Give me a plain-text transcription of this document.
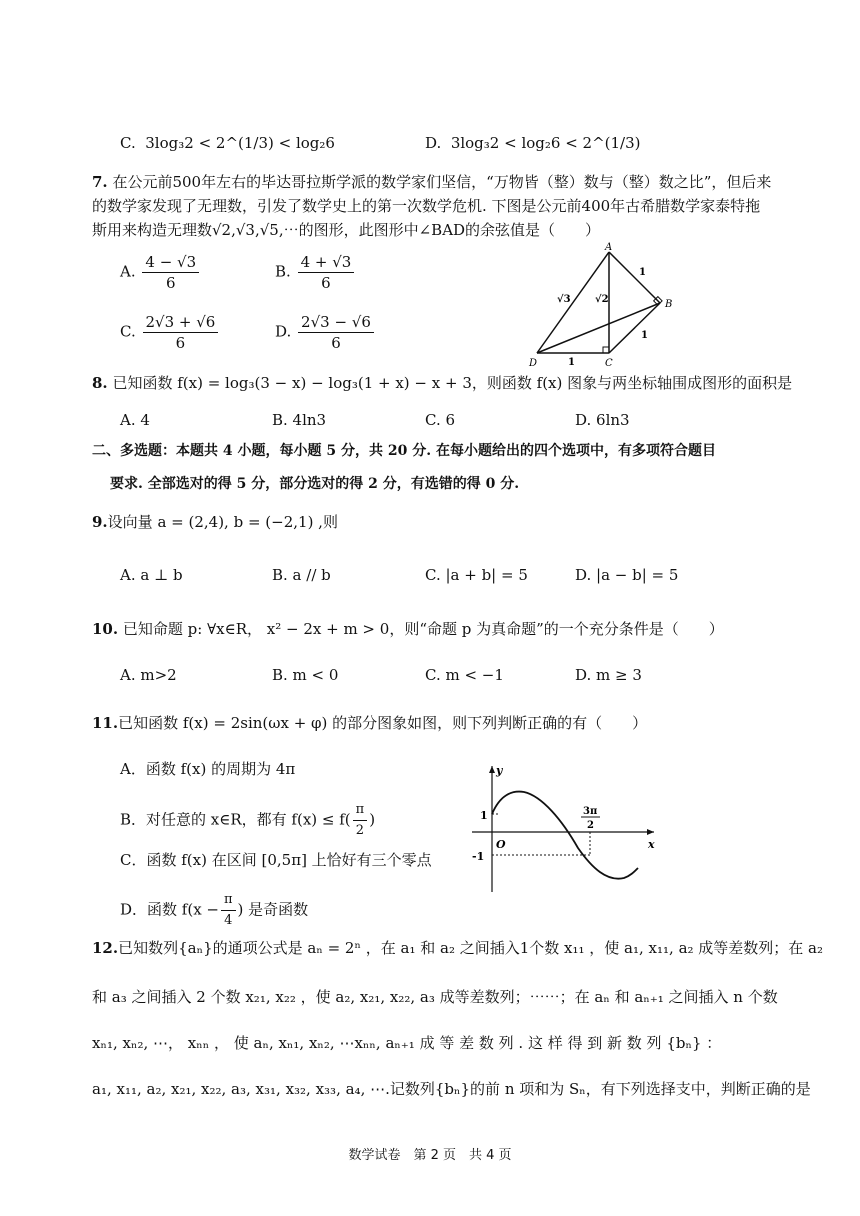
C. 3log₃2 < 2^(1/3) < log₂6	D. 3log₃2 < log₂6 < 2^(1/3)
7. 在公元前500年左右的毕达哥拉斯学派的数学家们坚信，“万物皆（整）数与（整）数之比”，但后来
的数学家发现了无理数，引发了数学史上的第一次数学危机. 下图是公元前400年古希腊数学家泰特拖
斯用来构造无理数√2,√3,√5,⋯的图形，此图形中∠BAD的余弦值是（　　）
A. $\frac{4 - √3}{6}$	B. $\frac{4 + √3}{6}$
C. $\frac{2√3 + √6}{6}$	D. $\frac{2√3 - √6}{6}$
A
B
C
D
1
1
1
√3 √2
8. 已知函数 f(x) = log₃(3 − x) − log₃(1 + x) − x + 3，则函数 f(x) 图象与两坐标轴围成图形的面积是
A. 4	B. 4ln3	C. 6	D. 6ln3
二、多选题：本题共 4 小题，每小题 5 分，共 20 分. 在每小题给出的四个选项中，有多项符合题目
要求. 全部选对的得 5 分，部分选对的得 2 分，有选错的得 0 分.
9.设向量 a = (2,4), b = (−2,1) ,则
A. a ⊥ b	B. a // b	C. |a + b| = 5	D. |a − b| = 5
10. 已知命题 p: ∀x∈R， x² − 2x + m > 0，则“命题 p 为真命题”的一个充分条件是（　　）
A. m>2	B. m < 0	C. m < −1	D. m ≥ 3
11.已知函数 f(x) = 2sin(ωx + φ) 的部分图象如图，则下列判断正确的有（　　）
A．函数 f(x) 的周期为 4π
B．对任意的 x∈R，都有 $f(x) \le f( \frac{\pi}{2}$ )
C．函数 f(x) 在区间 [0,5π] 上恰好有三个零点
D．函数 $f(x - \frac{\pi}{4}$ ) 是奇函数
y
x
O
1
-1
3π
2
12.已知数列{aₙ}的通项公式是 aₙ = 2ⁿ ，在 a₁ 和 a₂ 之间插入1个数 x₁₁ ，使 a₁, x₁₁, a₂ 成等差数列；在 a₂
和 a₃ 之间插入 2 个数 x₂₁, x₂₂ ，使 a₂, x₂₁, x₂₂, a₃ 成等差数列；⋯⋯；在 aₙ 和 aₙ₊₁ 之间插入 n 个数
xₙ₁, xₙ₂, ⋯， xₙₙ ， 使 aₙ, xₙ₁, xₙ₂, ⋯xₙₙ, aₙ₊₁ 成 等 差 数 列 . 这 样 得 到 新 数 列 {bₙ} ：
a₁, x₁₁, a₂, x₂₁, x₂₂, a₃, x₃₁, x₃₂, x₃₃, a₄, ⋯.记数列{bₙ}的前 n 项和为 Sₙ，有下列选择支中，判断正确的是
数学试卷　第 2 页　共 4 页
